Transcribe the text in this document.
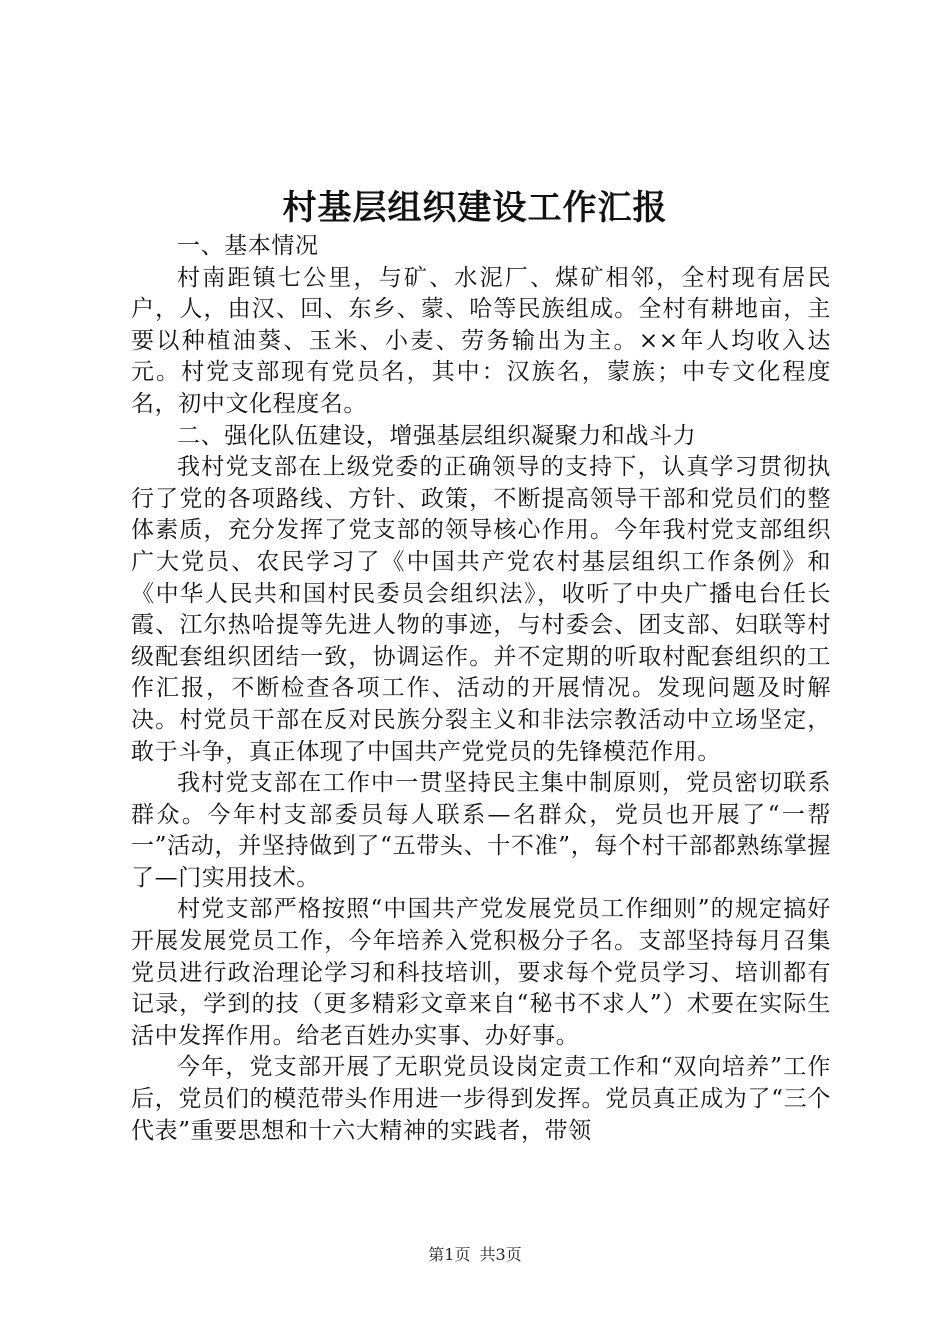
村基层组织建设工作汇报

一、基本情况

村南距镇七公里，与矿、水泥厂、煤矿相邻，全村现有居民户，人，由汉、回、东乡、蒙、哈等民族组成。全村有耕地亩，主要以种植油葵、玉米、小麦、劳务输出为主。××年人均收入达元。村党支部现有党员名，其中：汉族名，蒙族；中专文化程度名，初中文化程度名。

二、强化队伍建设，增强基层组织凝聚力和战斗力

我村党支部在上级党委的正确领导的支持下，认真学习贯彻执行了党的各项路线、方针、政策，不断提高领导干部和党员们的整体素质，充分发挥了党支部的领导核心作用。今年我村党支部组织广大党员、农民学习了《中国共产党农村基层组织工作条例》和《中华人民共和国村民委员会组织法》，收听了中央广播电台任长霞、江尔热哈提等先进人物的事迹，与村委会、团支部、妇联等村级配套组织团结一致，协调运作。并不定期的听取村配套组织的工作汇报，不断检查各项工作、活动的开展情况。发现问题及时解决。村党员干部在反对民族分裂主义和非法宗教活动中立场坚定，敢于斗争，真正体现了中国共产党党员的先锋模范作用。

我村党支部在工作中一贯坚持民主集中制原则，党员密切联系群众。今年村支部委员每人联系—名群众，党员也开展了“一帮一”活动，并坚持做到了“五带头、十不准”，每个村干部都熟练掌握了—门实用技术。

村党支部严格按照“中国共产党发展党员工作细则”的规定搞好开展发展党员工作，今年培养入党积极分子名。支部坚持每月召集党员进行政治理论学习和科技培训，要求每个党员学习、培训都有记录，学到的技（更多精彩文章来自“秘书不求人”）术要在实际生活中发挥作用。给老百姓办实事、办好事。

今年，党支部开展了无职党员设岗定责工作和“双向培养”工作后，党员们的模范带头作用进一步得到发挥。党员真正成为了“三个代表”重要思想和十六大精神的实践者，带领

第1页 共3页
